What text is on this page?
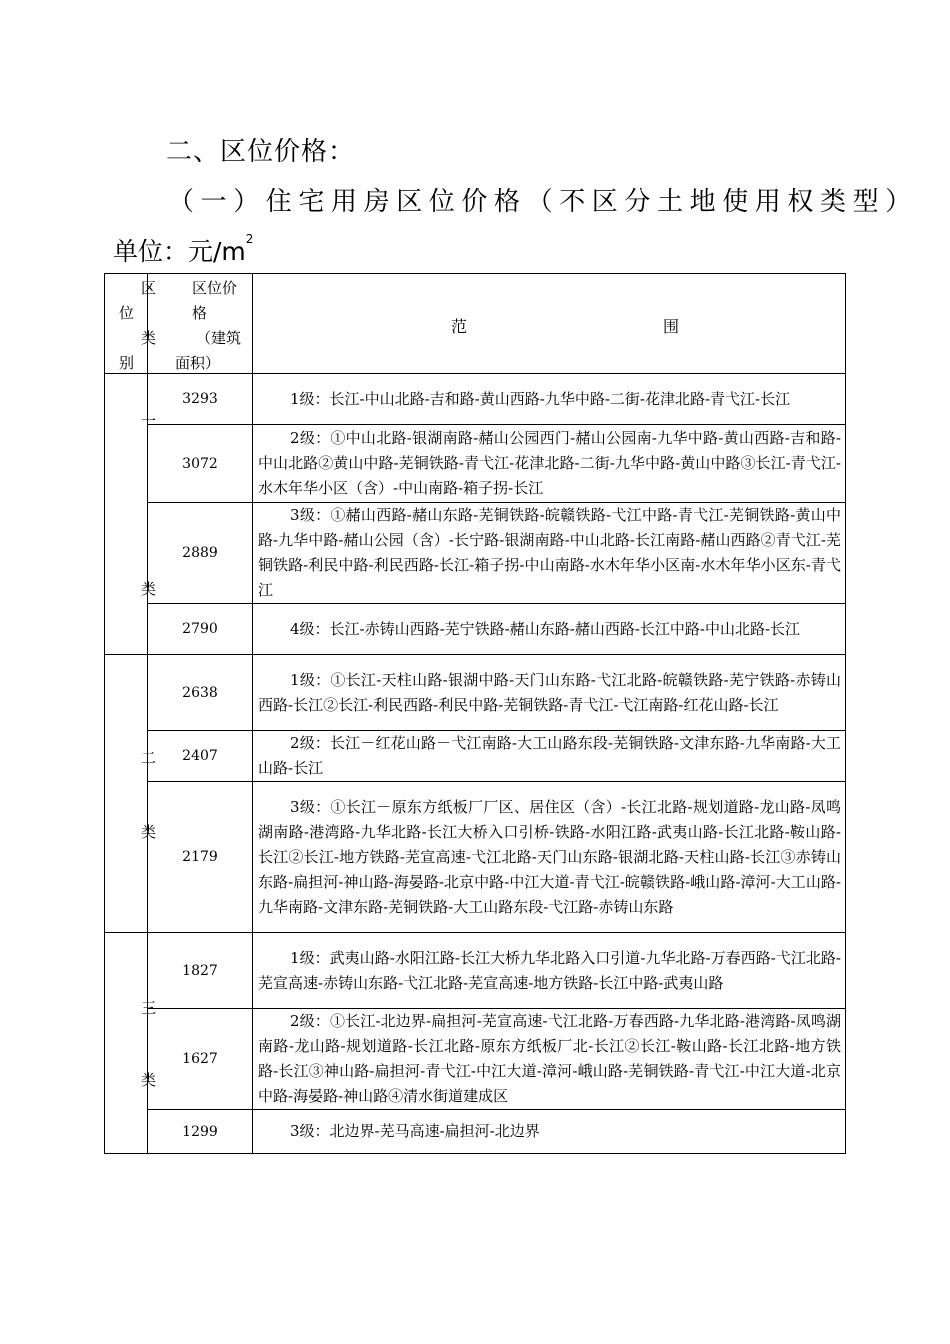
二、区位价格：
（一）住宅用房区位价格（不区分土地使用权类型）
单位：元$/m^2$
区
位
类
别	区位价
格
（建筑
面积）	范 围

一
类	3293	1级：长江-中山北路-吉和路-黄山西路-九华中路-二街-花津北路-青弋江-长江
	3072	2级：①中山北路-银湖南路-赭山公园西门-赭山公园南-九华中路-黄山西路-吉和路-中山北路②黄山中路-芜铜铁路-青弋江-花津北路-二街-九华中路-黄山中路③长江-青弋江-水木年华小区（含）-中山南路-箱子拐-长江
	2889	3级：①赭山西路-赭山东路-芜铜铁路-皖赣铁路-弋江中路-青弋江-芜铜铁路-黄山中路-九华中路-赭山公园（含）-长宁路-银湖南路-中山北路-长江南路-赭山西路②青弋江-芜铜铁路-利民中路-利民西路-长江-箱子拐-中山南路-水木年华小区南-水木年华小区东-青弋江
	2790	4级：长江-赤铸山西路-芜宁铁路-赭山东路-赭山西路-长江中路-中山北路-长江

二
类	2638	1级：①长江-天柱山路-银湖中路-天门山东路-弋江北路-皖赣铁路-芜宁铁路-赤铸山西路-长江②长江-利民西路-利民中路-芜铜铁路-青弋江-弋江南路-红花山路-长江
	2407	2级：长江－红花山路－弋江南路-大工山路东段-芜铜铁路-文津东路-九华南路-大工山路-长江
	2179	3级：①长江－原东方纸板厂厂区、居住区（含）-长江北路-规划道路-龙山路-凤鸣湖南路-港湾路-九华北路-长江大桥入口引桥-铁路-水阳江路-武夷山路-长江北路-鞍山路-长江②长江-地方铁路-芜宣高速-弋江北路-天门山东路-银湖北路-天柱山路-长江③赤铸山东路-扁担河-神山路-海晏路-北京中路-中江大道-青弋江-皖赣铁路-峨山路-漳河-大工山路-九华南路-文津东路-芜铜铁路-大工山路东段-弋江路-赤铸山东路

三
类	1827	1级：武夷山路-水阳江路-长江大桥九华北路入口引道-九华北路-万春西路-弋江北路-芜宣高速-赤铸山东路-弋江北路-芜宣高速-地方铁路-长江中路-武夷山路
	1627	2级：①长江-北边界-扁担河-芜宣高速-弋江北路-万春西路-九华北路-港湾路-凤鸣湖南路-龙山路-规划道路-长江北路-原东方纸板厂北-长江②长江-鞍山路-长江北路-地方铁路-长江③神山路-扁担河-青弋江-中江大道-漳河-峨山路-芜铜铁路-青弋江-中江大道-北京中路-海晏路-神山路④清水街道建成区
	1299	3级：北边界-芜马高速-扁担河-北边界
